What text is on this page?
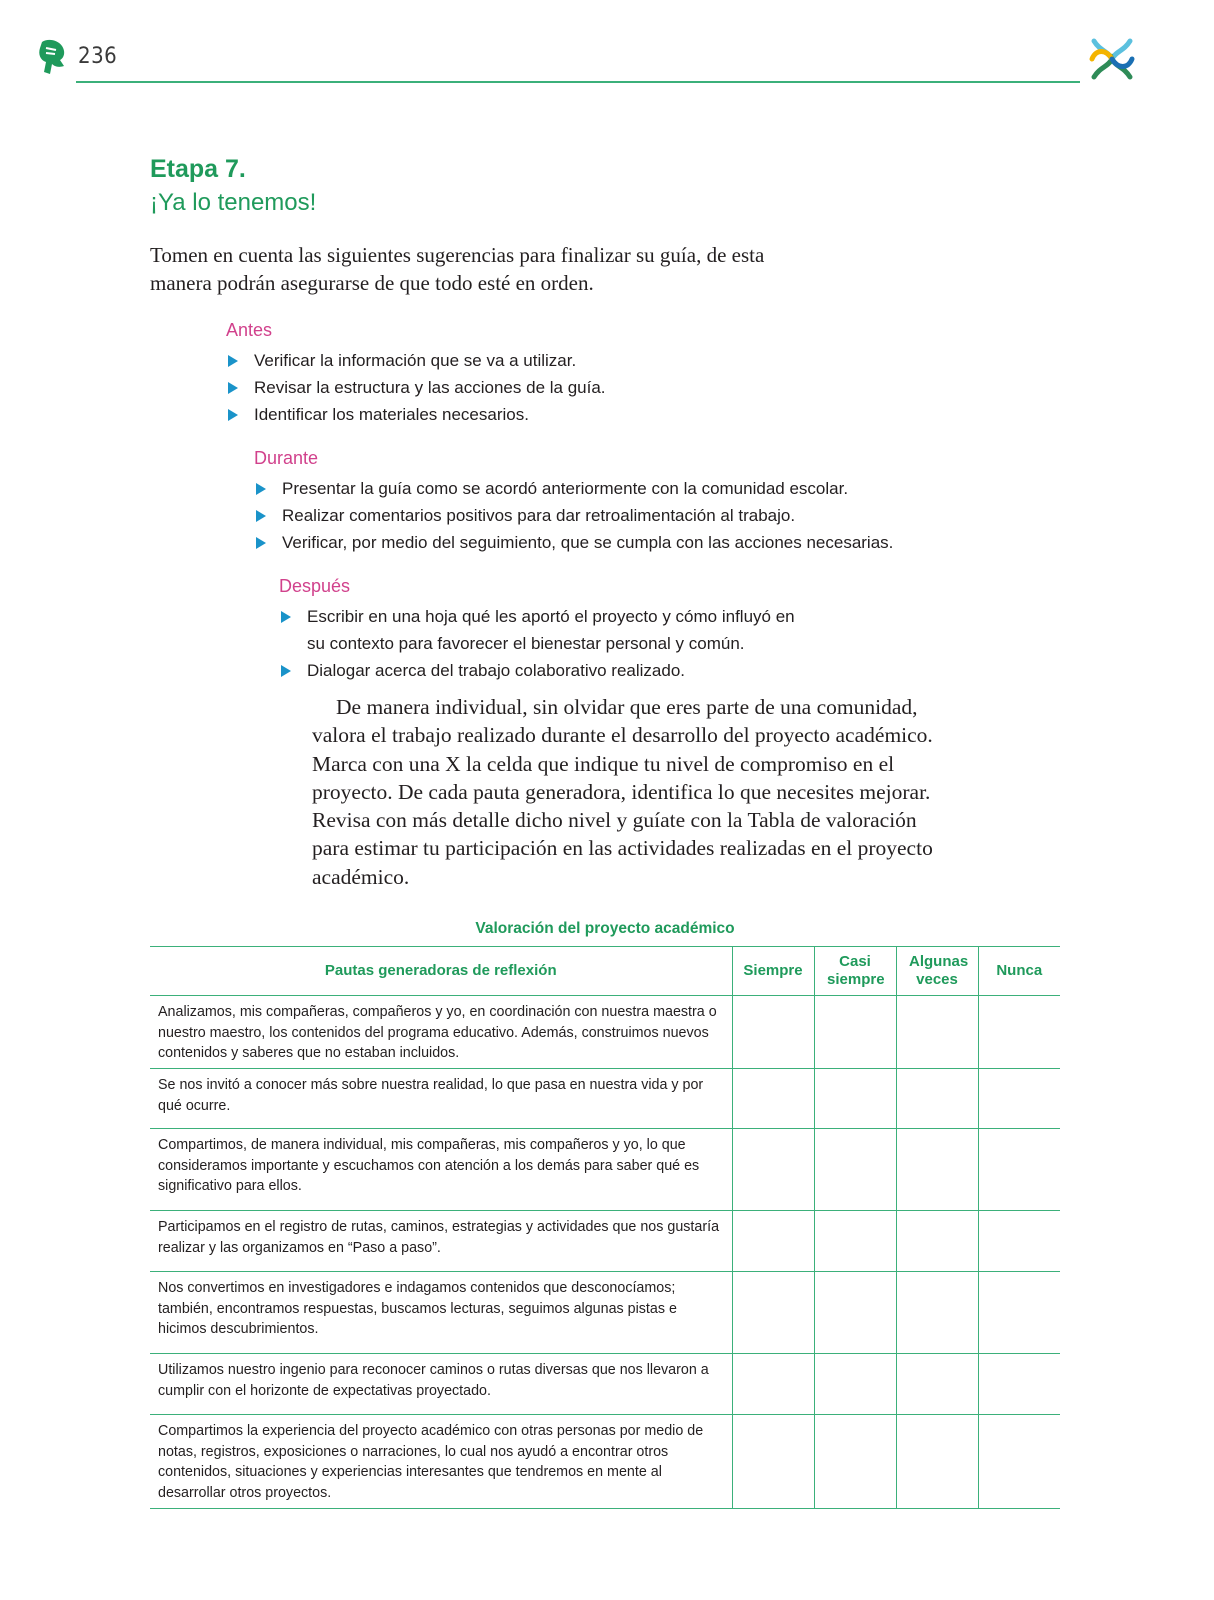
236
Etapa 7.
¡Ya lo tenemos!
Tomen en cuenta las siguientes sugerencias para finalizar su guía, de esta manera podrán asegurarse de que todo esté en orden.
Antes
Verificar la información que se va a utilizar.
Revisar la estructura y las acciones de la guía.
Identificar los materiales necesarios.
Durante
Presentar la guía como se acordó anteriormente con la comunidad escolar.
Realizar comentarios positivos para dar retroalimentación al trabajo.
Verificar, por medio del seguimiento, que se cumpla con las acciones necesarias.
Después
Escribir en una hoja qué les aportó el proyecto y cómo influyó en su contexto para favorecer el bienestar personal y común.
Dialogar acerca del trabajo colaborativo realizado.
De manera individual, sin olvidar que eres parte de una comunidad, valora el trabajo realizado durante el desarrollo del proyecto académico. Marca con una X la celda que indique tu nivel de compromiso en el proyecto. De cada pauta generadora, identifica lo que necesites mejorar. Revisa con más detalle dicho nivel y guíate con la Tabla de valoración para estimar tu participación en las actividades realizadas en el proyecto académico.
Valoración del proyecto académico
Pautas generadoras de reflexión	Siempre	Casi siempre	Algunas veces	Nunca
Analizamos, mis compañeras, compañeros y yo, en coordinación con nuestra maestra o nuestro maestro, los contenidos del programa educativo. Además, construimos nuevos contenidos y saberes que no estaban incluidos.				
Se nos invitó a conocer más sobre nuestra realidad, lo que pasa en nuestra vida y por qué ocurre.				
Compartimos, de manera individual, mis compañeras, mis compañeros y yo, lo que consideramos importante y escuchamos con atención a los demás para saber qué es significativo para ellos.				
Participamos en el registro de rutas, caminos, estrategias y actividades que nos gustaría realizar y las organizamos en “Paso a paso”.				
Nos convertimos en investigadores e indagamos contenidos que desconocíamos; también, encontramos respuestas, buscamos lecturas, seguimos algunas pistas e hicimos descubrimientos.				
Utilizamos nuestro ingenio para reconocer caminos o rutas diversas que nos llevaron a cumplir con el horizonte de expectativas proyectado.				
Compartimos la experiencia del proyecto académico con otras personas por medio de notas, registros, exposiciones o narraciones, lo cual nos ayudó a encontrar otros contenidos, situaciones y experiencias interesantes que tendremos en mente al desarrollar otros proyectos.				
